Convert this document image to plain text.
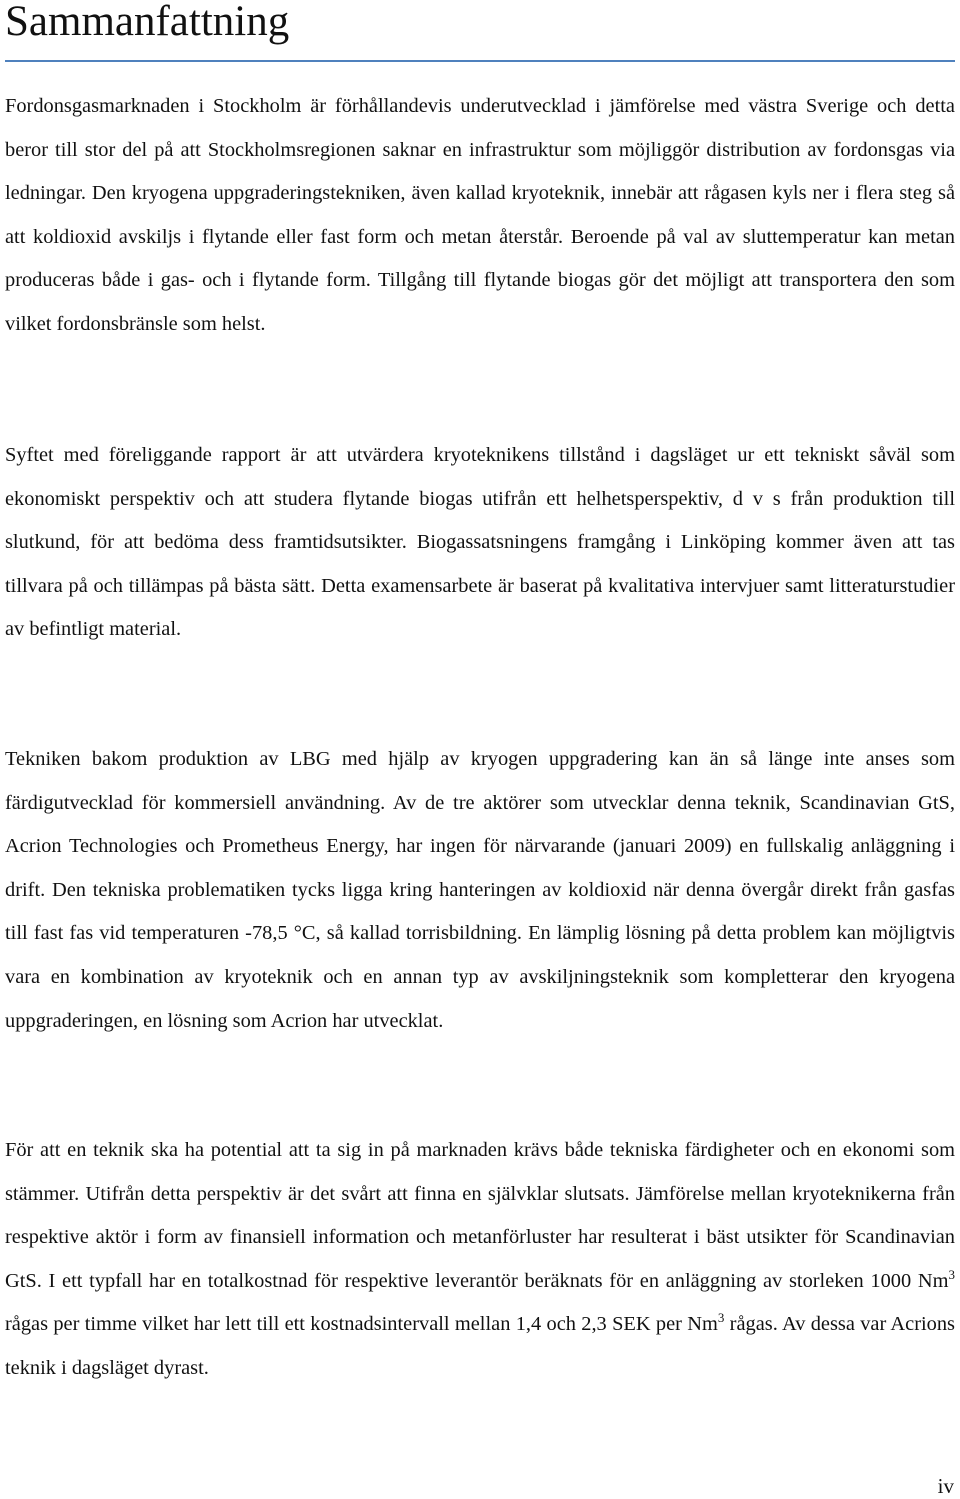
Sammanfattning

Fordonsgasmarknaden i Stockholm är förhållandevis underutvecklad i jämförelse med västra Sverige och detta beror till stor del på att Stockholmsregionen saknar en infrastruktur som möjliggör distribution av fordonsgas via ledningar. Den kryogena uppgraderingstekniken, även kallad kryoteknik, innebär att rågasen kyls ner i flera steg så att koldioxid avskiljs i flytande eller fast form och metan återstår. Beroende på val av sluttemperatur kan metan produceras både i gas- och i flytande form. Tillgång till flytande biogas gör det möjligt att transportera den som vilket fordonsbränsle som helst.

Syftet med föreliggande rapport är att utvärdera kryoteknikens tillstånd i dagsläget ur ett tekniskt såväl som ekonomiskt perspektiv och att studera flytande biogas utifrån ett helhetsperspektiv, d v s från produktion till slutkund, för att bedöma dess framtidsutsikter. Biogassatsningens framgång i Linköping kommer även att tas tillvara på och tillämpas på bästa sätt. Detta examensarbete är baserat på kvalitativa intervjuer samt litteraturstudier av befintligt material.

Tekniken bakom produktion av LBG med hjälp av kryogen uppgradering kan än så länge inte anses som färdigutvecklad för kommersiell användning. Av de tre aktörer som utvecklar denna teknik, Scandinavian GtS, Acrion Technologies och Prometheus Energy, har ingen för närvarande (januari 2009) en fullskalig anläggning i drift. Den tekniska problematiken tycks ligga kring hanteringen av koldioxid när denna övergår direkt från gasfas till fast fas vid temperaturen -78,5 °C, så kallad torrisbildning. En lämplig lösning på detta problem kan möjligtvis vara en kombination av kryoteknik och en annan typ av avskiljningsteknik som kompletterar den kryogena uppgraderingen, en lösning som Acrion har utvecklat.

För att en teknik ska ha potential att ta sig in på marknaden krävs både tekniska färdigheter och en ekonomi som stämmer. Utifrån detta perspektiv är det svårt att finna en självklar slutsats. Jämförelse mellan kryoteknikerna från respektive aktör i form av finansiell information och metanförluster har resulterat i bäst utsikter för Scandinavian GtS. I ett typfall har en totalkostnad för respektive leverantör beräknats för en anläggning av storleken 1000 Nm$^3$ rågas per timme vilket har lett till ett kostnadsintervall mellan 1,4 och 2,3 SEK per Nm$^3$ rågas. Av dessa var Acrions teknik i dagsläget dyrast.

iv
